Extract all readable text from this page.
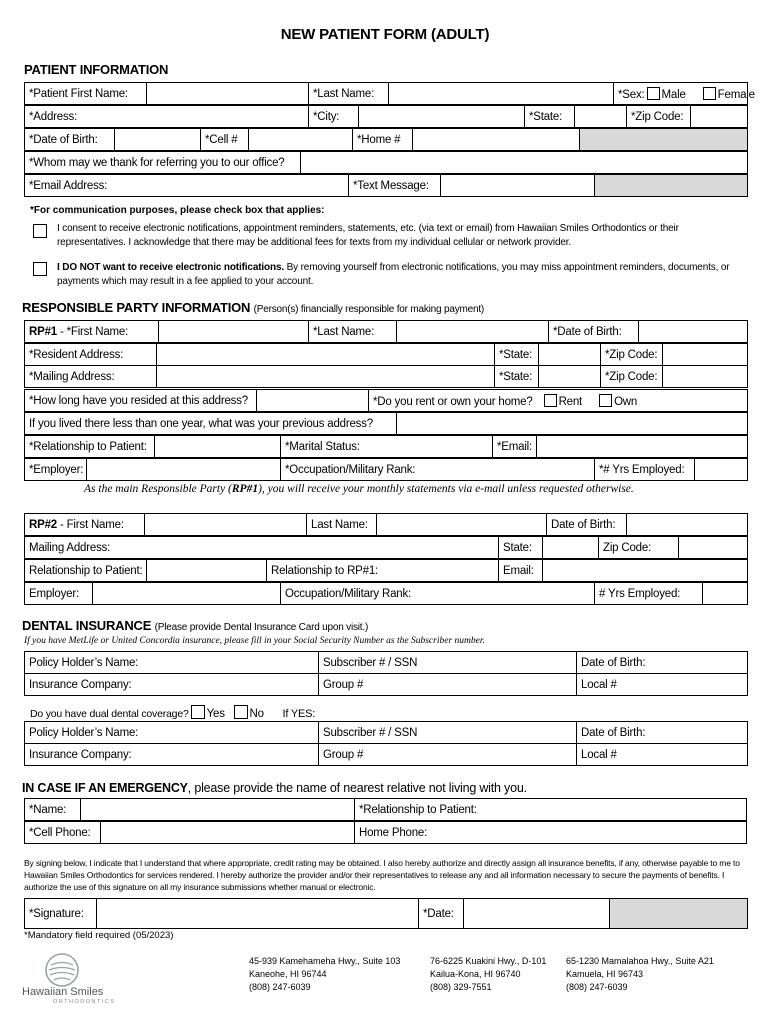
NEW PATIENT FORM (ADULT)
PATIENT INFORMATION
*Patient First Name:		*Last Name:		*Sex: Male	Female
*Address:	*City:		*State:		*Zip Code:	
*Date of Birth:		*Cell #		*Home #		
*Whom may we thank for referring you to our office?	
*Email Address:	*Text Message:		
*For communication purposes, please check box that applies:
I consent to receive electronic notifications, appointment reminders, statements, etc. (via text or email) from Hawaiian Smiles Orthodontics or their representatives. I acknowledge that there may be additional fees for texts from my individual cellular or network provider.
I DO NOT want to receive electronic notifications. By removing yourself from electronic notifications, you may miss appointment reminders, documents, or payments which may result in a fee applied to your account.
RESPONSIBLE PARTY INFORMATION (Person(s) financially responsible for making payment)
RP#1 - *First Name:		*Last Name:		*Date of Birth:	
*Resident Address:		*State:		*Zip Code:	
*Mailing Address:		*State:		*Zip Code:	
*How long have you resided at this address?		*Do you rent or own your home? Rent	Own
If you lived there less than one year, what was your previous address?	
*Relationship to Patient:		*Marital Status:	*Email:	
*Employer:		*Occupation/Military Rank:	*# Yrs Employed:	
As the main Responsible Party (RP#1), you will receive your monthly statements via e-mail unless requested otherwise.
RP#2 - First Name:		Last Name:		Date of Birth:	
Mailing Address:	State:		Zip Code:	
Relationship to Patient:		Relationship to RP#1:	Email:	
Employer:		Occupation/Military Rank:	# Yrs Employed:	
DENTAL INSURANCE (Please provide Dental Insurance Card upon visit.)
If you have MetLife or United Concordia insurance, please fill in your Social Security Number as the Subscriber number.
Policy Holder’s Name:	Subscriber # / SSN	Date of Birth:
Insurance Company:	Group #	Local #
Do you have dual dental coverage? Yes No If YES:
Policy Holder’s Name:	Subscriber # / SSN	Date of Birth:
Insurance Company:	Group #	Local #
IN CASE IF AN EMERGENCY, please provide the name of nearest relative not living with you.
*Name:		*Relationship to Patient:
*Cell Phone:		Home Phone:
By signing below, I indicate that I understand that where appropriate, credit rating may be obtained. I also hereby authorize and directly assign all insurance benefits, if any, otherwise payable to me to Hawaiian Smiles Orthodontics for services rendered. I hereby authorize the provider and/or their representatives to release any and all information necessary to secure the payments of benefits. I authorize the use of this signature on all my insurance submissions whether manual or electronic.
*Signature:		*Date:		
*Mandatory field required (05/2023)
Hawaiian Smiles
ORTHODONTICS
45-939 Kamehameha Hwy., Suite 103
Kaneohe, HI 96744
(808) 247-6039
76-6225 Kuakini Hwy., D-101
Kailua-Kona, HI 96740
(808) 329-7551
65-1230 Mamalahoa Hwy., Suite A21
Kamuela, HI 96743
(808) 247-6039
